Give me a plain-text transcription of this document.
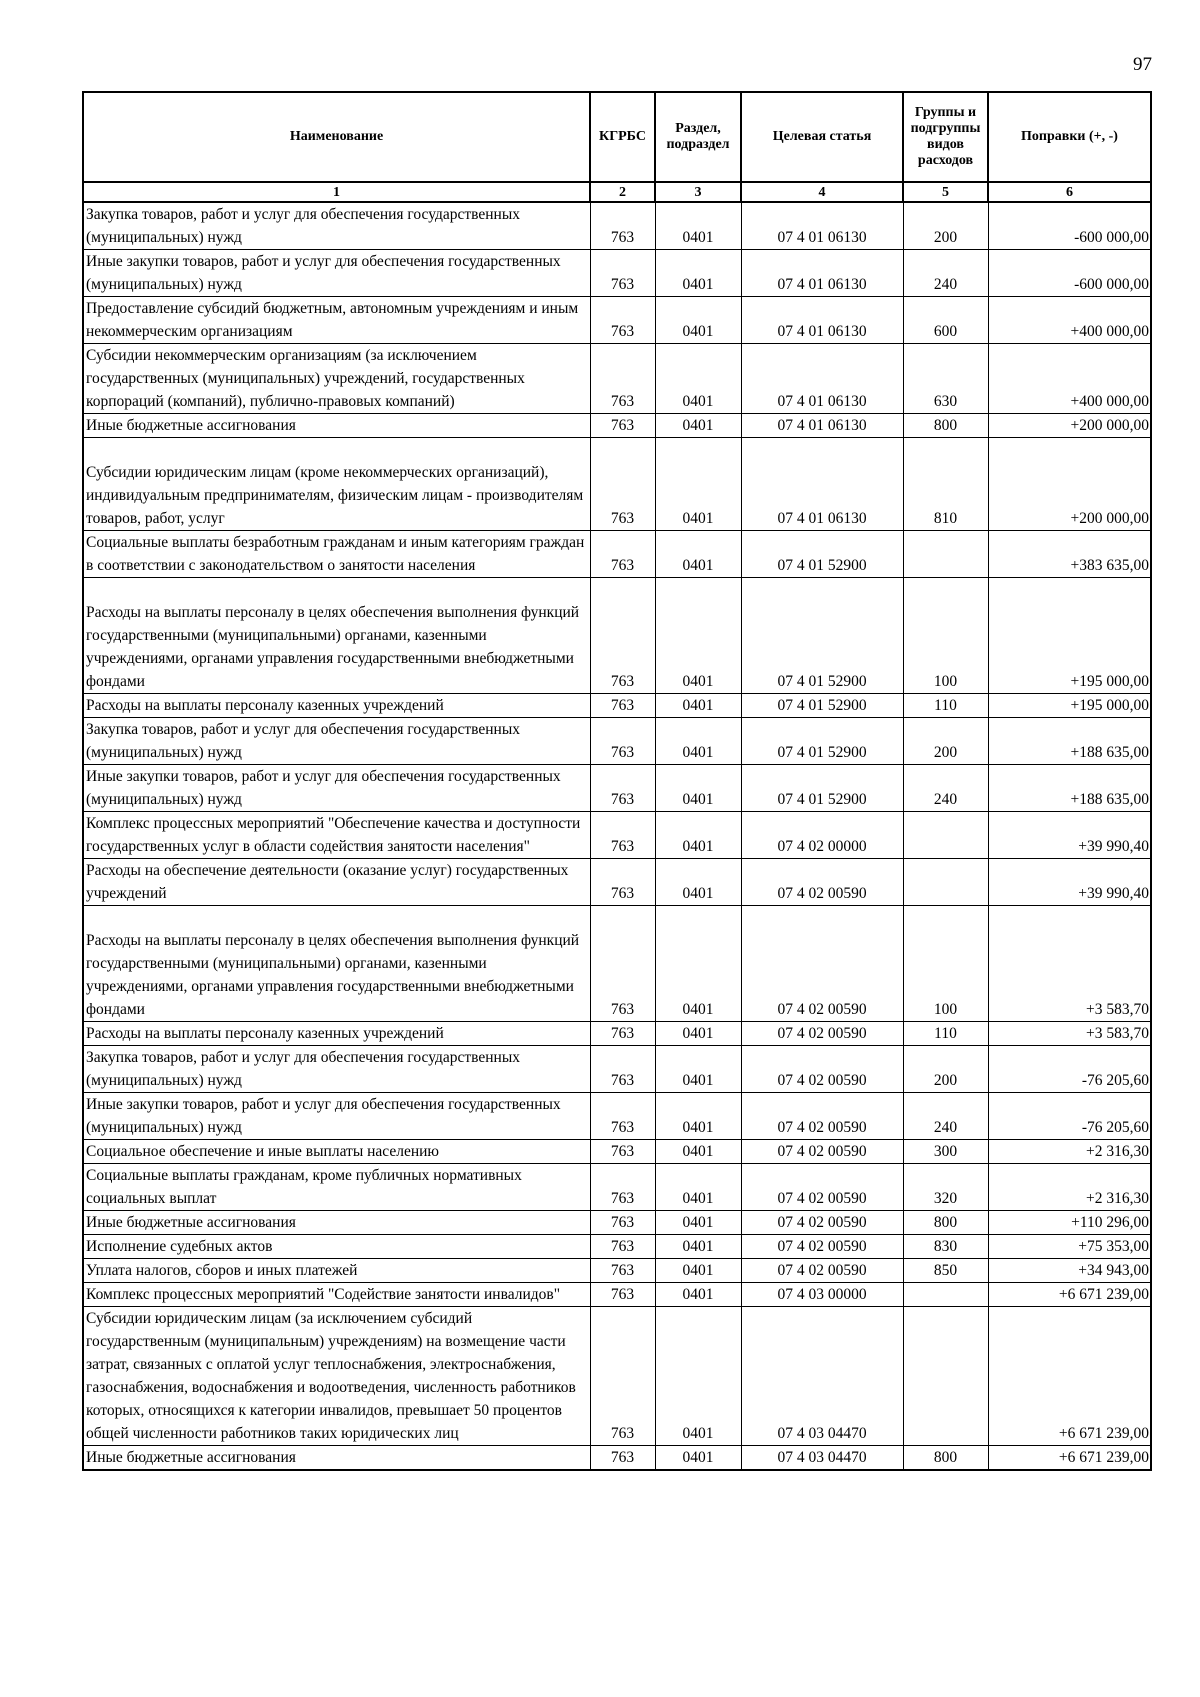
97
Наименование	КГРБС	Раздел, подраздел	Целевая статья	Группы и подгруппы видов расходов	Поправки (+, -)
1	2	3	4	5	6
Закупка товаров, работ и услуг для обеспечения государственных (муниципальных) нужд	763	0401	07 4 01 06130	200	-600 000,00
Иные закупки товаров, работ и услуг для обеспечения государственных (муниципальных) нужд	763	0401	07 4 01 06130	240	-600 000,00
Предоставление субсидий бюджетным, автономным учреждениям и иным некоммерческим организациям	763	0401	07 4 01 06130	600	+400 000,00
Субсидии некоммерческим организациям (за исключением государственных (муниципальных) учреждений, государственных корпораций (компаний), публично-правовых компаний)	763	0401	07 4 01 06130	630	+400 000,00
Иные бюджетные ассигнования	763	0401	07 4 01 06130	800	+200 000,00
Субсидии юридическим лицам (кроме некоммерческих организаций), индивидуальным предпринимателям, физическим лицам - производителям товаров, работ, услуг	763	0401	07 4 01 06130	810	+200 000,00
Социальные выплаты безработным гражданам и иным категориям граждан в соответствии с законодательством о занятости населения	763	0401	07 4 01 52900		+383 635,00
Расходы на выплаты персоналу в целях обеспечения выполнения функций государственными (муниципальными) органами, казенными учреждениями, органами управления государственными внебюджетными фондами	763	0401	07 4 01 52900	100	+195 000,00
Расходы на выплаты персоналу казенных учреждений	763	0401	07 4 01 52900	110	+195 000,00
Закупка товаров, работ и услуг для обеспечения государственных (муниципальных) нужд	763	0401	07 4 01 52900	200	+188 635,00
Иные закупки товаров, работ и услуг для обеспечения государственных (муниципальных) нужд	763	0401	07 4 01 52900	240	+188 635,00
Комплекс процессных мероприятий "Обеспечение качества и доступности государственных услуг в области содействия занятости населения"	763	0401	07 4 02 00000		+39 990,40
Расходы на обеспечение деятельности (оказание услуг) государственных учреждений	763	0401	07 4 02 00590		+39 990,40
Расходы на выплаты персоналу в целях обеспечения выполнения функций государственными (муниципальными) органами, казенными учреждениями, органами управления государственными внебюджетными фондами	763	0401	07 4 02 00590	100	+3 583,70
Расходы на выплаты персоналу казенных учреждений	763	0401	07 4 02 00590	110	+3 583,70
Закупка товаров, работ и услуг для обеспечения государственных (муниципальных) нужд	763	0401	07 4 02 00590	200	-76 205,60
Иные закупки товаров, работ и услуг для обеспечения государственных (муниципальных) нужд	763	0401	07 4 02 00590	240	-76 205,60
Социальное обеспечение и иные выплаты населению	763	0401	07 4 02 00590	300	+2 316,30
Социальные выплаты гражданам, кроме публичных нормативных социальных выплат	763	0401	07 4 02 00590	320	+2 316,30
Иные бюджетные ассигнования	763	0401	07 4 02 00590	800	+110 296,00
Исполнение судебных актов	763	0401	07 4 02 00590	830	+75 353,00
Уплата налогов, сборов и иных платежей	763	0401	07 4 02 00590	850	+34 943,00
Комплекс процессных мероприятий "Содействие занятости инвалидов"	763	0401	07 4 03 00000		+6 671 239,00
Субсидии юридическим лицам (за исключением субсидий государственным (муниципальным) учреждениям) на возмещение части затрат, связанных с оплатой услуг теплоснабжения, электроснабжения, газоснабжения, водоснабжения и водоотведения, численность работников которых, относящихся к категории инвалидов, превышает 50 процентов общей численности работников таких юридических лиц	763	0401	07 4 03 04470		+6 671 239,00
Иные бюджетные ассигнования	763	0401	07 4 03 04470	800	+6 671 239,00
